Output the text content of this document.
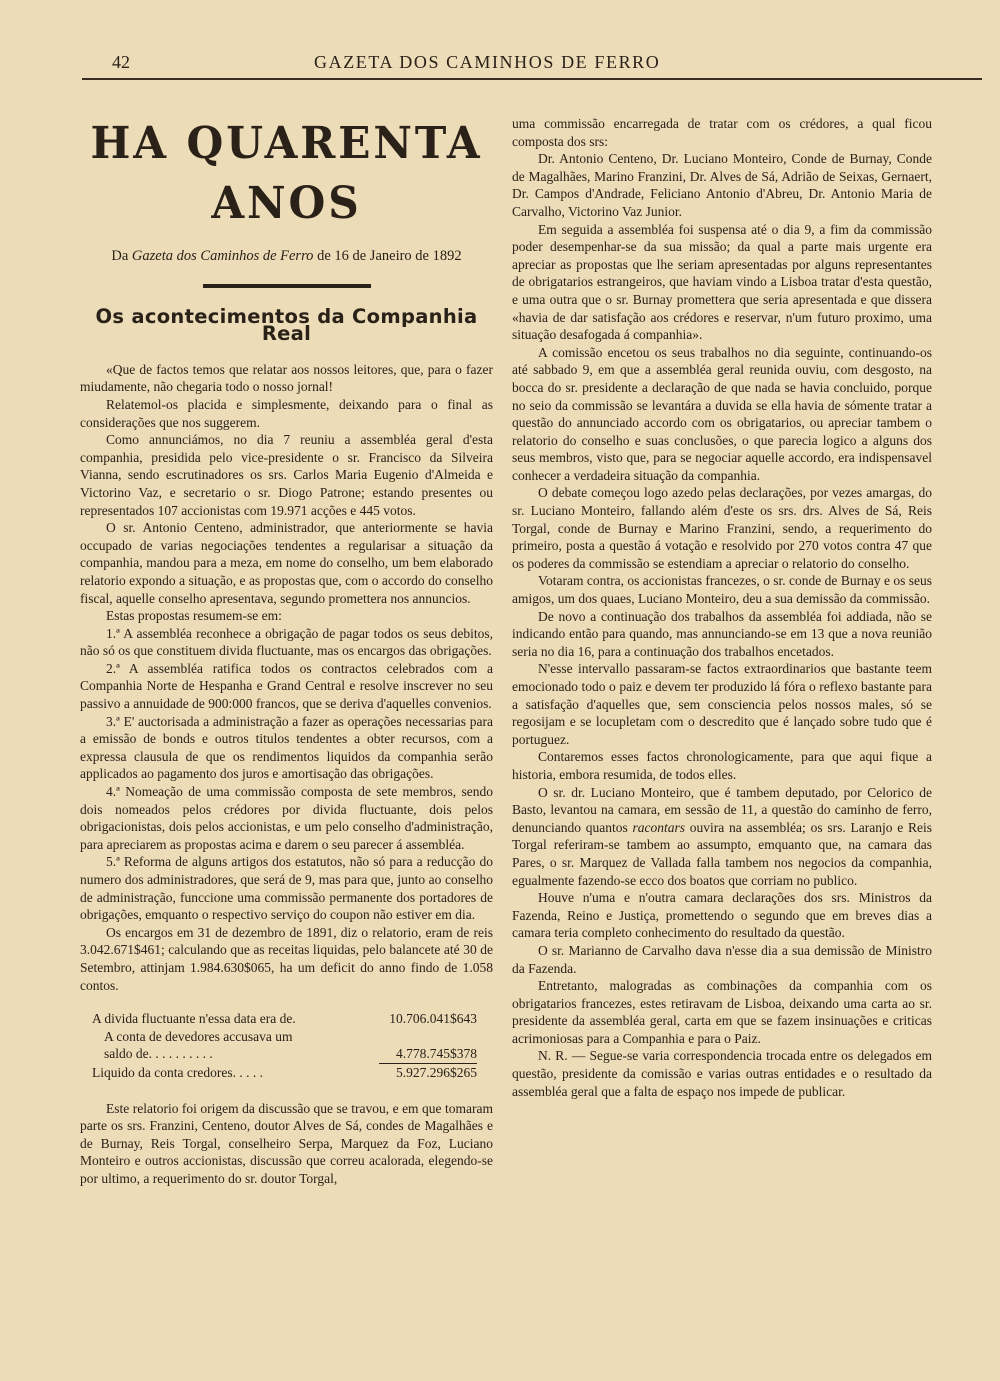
42	GAZETA DOS CAMINHOS DE FERRO
HA QUARENTA ANOS
Da Gazeta dos Caminhos de Ferro de 16 de Janeiro de 1892
Os acontecimentos da Companhia Real

«Que de factos temos que relatar aos nossos leitores, que, para o fazer miudamente, não chegaria todo o nosso jornal!

Relatemol-os placida e simplesmente, deixando para o final as considerações que nos suggerem.

Como annunciámos, no dia 7 reuniu a assembléa geral d'esta companhia, presidida pelo vice-presidente o sr. Francisco da Silveira Vianna, sendo escrutinadores os srs. Carlos Maria Eugenio d'Almeida e Victorino Vaz, e secretario o sr. Diogo Patrone; estando presentes ou representados 107 accionistas com 19.971 acções e 445 votos.

O sr. Antonio Centeno, administrador, que anteriormente se havia occupado de varias negociações tendentes a regularisar a situação da companhia, mandou para a meza, em nome do conselho, um bem elaborado relatorio expondo a situação, e as propostas que, com o accordo do conselho fiscal, aquelle conselho apresentava, segundo promettera nos annuncios.

Estas propostas resumem-se em:

1.ª A assembléa reconhece a obrigação de pagar todos os seus debitos, não só os que constituem divida fluctuante, mas os encargos das obrigações.

2.ª A assembléa ratifica todos os contractos celebrados com a Companhia Norte de Hespanha e Grand Central e resolve inscrever no seu passivo a annuidade de 900:000 francos, que se deriva d'aquelles convenios.

3.ª E' auctorisada a administração a fazer as operações necessarias para a emissão de bonds e outros titulos tendentes a obter recursos, com a expressa clausula de que os rendimentos liquidos da companhia serão applicados ao pagamento dos juros e amortisação das obrigações.

4.ª Nomeação de uma commissão composta de sete membros, sendo dois nomeados pelos crédores por divida fluctuante, dois pelos obrigacionistas, dois pelos accionistas, e um pelo conselho d'administração, para apreciarem as propostas acima e darem o seu parecer á assembléa.

5.ª Reforma de alguns artigos dos estatutos, não só para a reducção do numero dos administradores, que será de 9, mas para que, junto ao conselho de administração, funccione uma commissão permanente dos portadores de obrigações, emquanto o respectivo serviço do coupon não estiver em dia.

Os encargos em 31 de dezembro de 1891, diz o relatorio, eram de reis 3.042.671$461; calculando que as receitas liquidas, pelo balancete até 30 de Setembro, attinjam 1.984.630$065, ha um deficit do anno findo de 1.058 contos.

A divida fluctuante n'essa data era de.	10.706.041$643
A conta de devedores accusava um
saldo de. . . . . . . . . .	4.778.745$378
Liquido da conta credores. . . . .	5.927.296$265

Este relatorio foi origem da discussão que se travou, e em que tomaram parte os srs. Franzini, Centeno, doutor Alves de Sá, condes de Magalhães e de Burnay, Reis Torgal, conselheiro Serpa, Marquez da Foz, Luciano Monteiro e outros accionistas, discussão que correu acalorada, elegendo-se por ultimo, a requerimento do sr. doutor Torgal,

uma commissão encarregada de tratar com os crédores, a qual ficou composta dos srs:

Dr. Antonio Centeno, Dr. Luciano Monteiro, Conde de Burnay, Conde de Magalhães, Marino Franzini, Dr. Alves de Sá, Adrião de Seixas, Gernaert, Dr. Campos d'Andrade, Feliciano Antonio d'Abreu, Dr. Antonio Maria de Carvalho, Victorino Vaz Junior.

Em seguida a assembléa foi suspensa até o dia 9, a fim da commissão poder desempenhar-se da sua missão; da qual a parte mais urgente era apreciar as propostas que lhe seriam apresentadas por alguns representantes de obrigatarios estrangeiros, que haviam vindo a Lisboa tratar d'esta questão, e uma outra que o sr. Burnay promettera que seria apresentada e que dissera «havia de dar satisfação aos crédores e reservar, n'um futuro proximo, uma situação desafogada á companhia».

A comissão encetou os seus trabalhos no dia seguinte, continuando-os até sabbado 9, em que a assembléa geral reunida ouviu, com desgosto, na bocca do sr. presidente a declaração de que nada se havia concluido, porque no seio da commissão se levantára a duvida se ella havia de sómente tratar a questão do annunciado accordo com os obrigatarios, ou apreciar tambem o relatorio do conselho e suas conclusões, o que parecia logico a alguns dos seus membros, visto que, para se negociar aquelle accordo, era indispensavel conhecer a verdadeira situação da companhia.

O debate começou logo azedo pelas declarações, por vezes amargas, do sr. Luciano Monteiro, fallando além d'este os srs. drs. Alves de Sá, Reis Torgal, conde de Burnay e Marino Franzini, sendo, a requerimento do primeiro, posta a questão á votação e resolvido por 270 votos contra 47 que os poderes da commissão se estendiam a apreciar o relatorio do conselho.

Votaram contra, os accionistas francezes, o sr. conde de Burnay e os seus amigos, um dos quaes, Luciano Monteiro, deu a sua demissão da commissão.

De novo a continuação dos trabalhos da assembléa foi addiada, não se indicando então para quando, mas annunciando-se em 13 que a nova reunião seria no dia 16, para a continuação dos trabalhos encetados.

N'esse intervallo passaram-se factos extraordinarios que bastante teem emocionado todo o paiz e devem ter produzido lá fóra o reflexo bastante para a satisfação d'aquelles que, sem consciencia pelos nossos males, só se regosijam e se locupletam com o descredito que é lançado sobre tudo que é portuguez.

Contaremos esses factos chronologicamente, para que aqui fique a historia, embora resumida, de todos elles.

O sr. dr. Luciano Monteiro, que é tambem deputado, por Celorico de Basto, levantou na camara, em sessão de 11, a questão do caminho de ferro, denunciando quantos racontars ouvira na assembléa; os srs. Laranjo e Reis Torgal referiram-se tambem ao assumpto, emquanto que, na camara das Pares, o sr. Marquez de Vallada falla tambem nos negocios da companhia, egualmente fazendo-se ecco dos boatos que corriam no publico.

Houve n'uma e n'outra camara declarações dos srs. Ministros da Fazenda, Reino e Justiça, promettendo o segundo que em breves dias a camara teria completo conhecimento do resultado da questão.

O sr. Marianno de Carvalho dava n'esse dia a sua demissão de Ministro da Fazenda.

Entretanto, malogradas as combinações da companhia com os obrigatarios francezes, estes retiravam de Lisboa, deixando uma carta ao sr. presidente da assembléa geral, carta em que se fazem insinuações e criticas acrimoniosas para a Companhia e para o Paiz.

N. R. — Segue-se varia correspondencia trocada entre os delegados em questão, presidente da comissão e varias outras entidades e o resultado da assembléa geral que a falta de espaço nos impede de publicar.
